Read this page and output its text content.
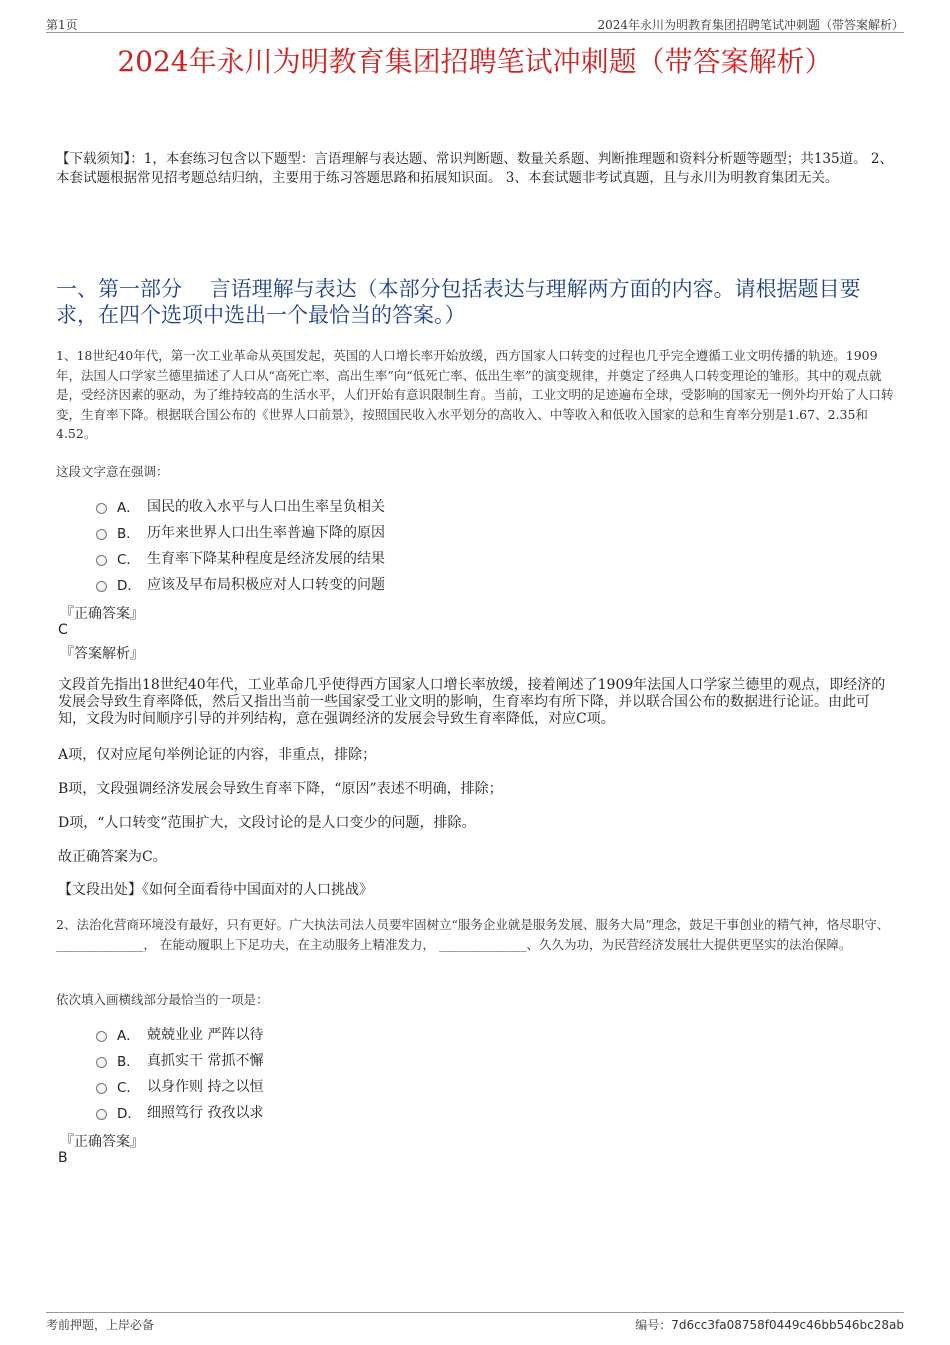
第1页	2024年永川为明教育集团招聘笔试冲刺题（带答案解析）
2024年永川为明教育集团招聘笔试冲刺题（带答案解析）
【下载须知】：1，本套练习包含以下题型：言语理解与表达题、常识判断题、数量关系题、判断推理题和资料分析题等题型；共135道。 2、本套试题根据常见招考题总结归纳，主要用于练习答题思路和拓展知识面。 3、本套试题非考试真题，且与永川为明教育集团无关。
一、第一部分　 言语理解与表达（本部分包括表达与理解两方面的内容。请根据题目要求，在四个选项中选出一个最恰当的答案。）
1、18世纪40年代，第一次工业革命从英国发起，英国的人口增长率开始放缓，西方国家人口转变的过程也几乎完全遵循工业文明传播的轨迹。1909年，法国人口学家兰德里描述了人口从“高死亡率、高出生率”向“低死亡率、低出生率”的演变规律，并奠定了经典人口转变理论的雏形。其中的观点就是，受经济因素的驱动，为了维持较高的生活水平，人们开始有意识限制生育。当前，工业文明的足迹遍布全球，受影响的国家无一例外均开始了人口转变，生育率下降。根据联合国公布的《世界人口前景》，按照国民收入水平划分的高收入、中等收入和低收入国家的总和生育率分别是1.67、2.35和4.52。
这段文字意在强调：
A． 国民的收入水平与人口出生率呈负相关
B． 历年来世界人口出生率普遍下降的原因
C． 生育率下降某种程度是经济发展的结果
D． 应该及早布局积极应对人口转变的问题
『正确答案』
C
『答案解析』
文段首先指出18世纪40年代，工业革命几乎使得西方国家人口增长率放缓，接着阐述了1909年法国人口学家兰德里的观点，即经济的发展会导致生育率降低，然后又指出当前一些国家受工业文明的影响，生育率均有所下降，并以联合国公布的数据进行论证。由此可知，文段为时间顺序引导的并列结构，意在强调经济的发展会导致生育率降低，对应C项。
A项，仅对应尾句举例论证的内容，非重点，排除；
B项，文段强调经济发展会导致生育率下降，“原因”表述不明确，排除；
D项，“人口转变”范围扩大，文段讨论的是人口变少的问题，排除。
故正确答案为C。
【文段出处】《如何全面看待中国面对的人口挑战》
2、法治化营商环境没有最好，只有更好。广大执法司法人员要牢固树立“服务企业就是服务发展、服务大局”理念，鼓足干事创业的精气神，恪尽职守、 ______________， 在能动履职上下足功夫，在主动服务上精准发力， ______________、久久为功，为民营经济发展壮大提供更坚实的法治保障。
依次填入画横线部分最恰当的一项是：
A． 兢兢业业 严阵以待
B． 真抓实干 常抓不懈
C． 以身作则 持之以恒
D． 细照笃行 孜孜以求
『正确答案』
B
考前押题，上岸必备	编号：7d6cc3fa08758f0449c46bb546bc28ab
